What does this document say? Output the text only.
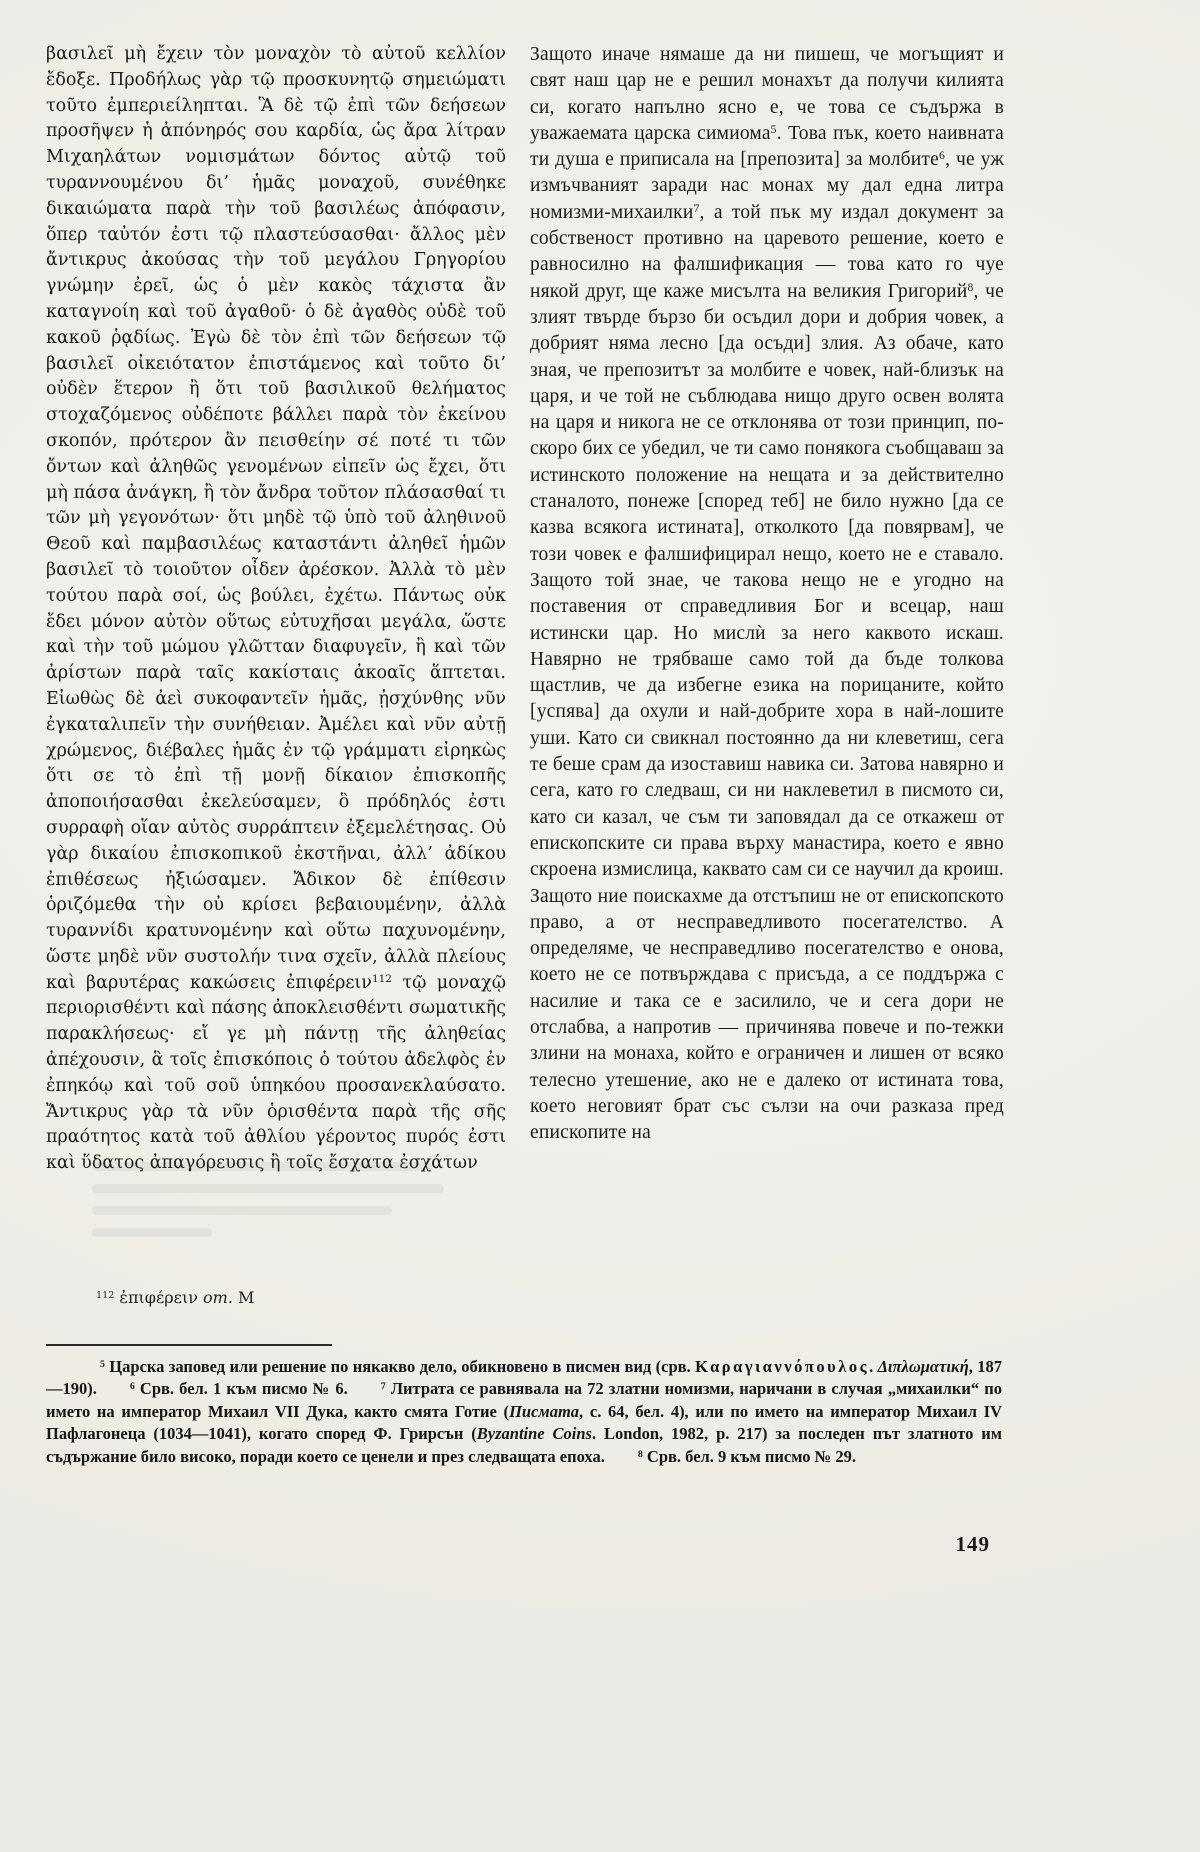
βασιλεῖ μὴ ἔχειν τὸν μοναχὸν τὸ αὐτοῦ κελλίον ἔδοξε. Προδήλως γὰρ τῷ προσκυνητῷ σημειώματι τοῦτο ἐμπεριείληπται. Ἃ δὲ τῷ ἐπὶ τῶν δεήσεων προσῆψεν ἡ ἀπόνηρός σου καρδία, ὡς ἄρα λίτραν Μιχαηλάτων νομισμάτων δόντος αὐτῷ τοῦ τυραννουμένου δι’ ἡμᾶς μοναχοῦ, συνέθηκε δικαιώματα παρὰ τὴν τοῦ βασιλέως ἀπόφασιν, ὅπερ ταὐτόν ἐστι τῷ πλαστεύσασθαι· ἄλλος μὲν ἄντικρυς ἀκούσας τὴν τοῦ μεγάλου Γρηγορίου γνώμην ἐρεῖ, ὡς ὁ μὲν κακὸς τάχιστα ἂν καταγνοίη καὶ τοῦ ἀγαθοῦ· ὁ δὲ ἀγαθὸς οὐδὲ τοῦ κακοῦ ῥᾳδίως. Ἐγὼ δὲ τὸν ἐπὶ τῶν δεήσεων τῷ βασιλεῖ οἰκειότατον ἐπιστάμενος καὶ τοῦτο δι’ οὐδὲν ἕτερον ἢ ὅτι τοῦ βασιλικοῦ θελήματος στοχαζόμενος οὐδέποτε βάλλει παρὰ τὸν ἐκείνου σκοπόν, πρότερον ἂν πεισθείην σέ ποτέ τι τῶν ὄντων καὶ ἀληθῶς γενομένων εἰπεῖν ὡς ἔχει, ὅτι μὴ πάσα ἀνάγκη, ἢ τὸν ἄνδρα τοῦτον πλάσασθαί τι τῶν μὴ γεγονότων· ὅτι μηδὲ τῷ ὑπὸ τοῦ ἀληθινοῦ Θεοῦ καὶ παμβασιλέως καταστάντι ἀληθεῖ ἡμῶν βασιλεῖ τὸ τοιοῦτον οἶδεν ἀρέσκον. Ἀλλὰ τὸ μὲν τούτου παρὰ σοί, ὡς βούλει, ἐχέτω. Πάντως οὐκ ἔδει μόνον αὐτὸν οὕτως εὐτυχῆσαι μεγάλα, ὥστε καὶ τὴν τοῦ μώμου γλῶτταν διαφυγεῖν, ἢ καὶ τῶν ἀρίστων παρὰ ταῖς κακίσταις ἀκοαῖς ἅπτεται. Εἰωθὼς δὲ ἀεὶ συκοφαντεῖν ἡμᾶς, ᾐσχύνθης νῦν ἐγκαταλιπεῖν τὴν συνήθειαν. Ἀμέλει καὶ νῦν αὐτῇ χρώμενος, διέβαλες ἡμᾶς ἐν τῷ γράμματι εἰρηκὼς ὅτι σε τὸ ἐπὶ τῇ μονῇ δίκαιον ἐπισκοπῆς ἀποποιήσασθαι ἐκελεύσαμεν, ὃ πρόδηλός ἐστι συρραφὴ οἵαν αὐτὸς συρράπτειν ἐξεμελέτησας. Οὐ γὰρ δικαίου ἐπισκοπικοῦ ἐκστῆναι, ἀλλ’ ἀδίκου ἐπιθέσεως ἠξιώσαμεν. Ἄδικον δὲ ἐπίθεσιν ὁριζόμεθα τὴν οὐ κρίσει βεβαιουμένην, ἀλλὰ τυραννίδι κρατυνομένην καὶ οὕτω παχυνομένην, ὥστε μηδὲ νῦν συστολήν τινα σχεῖν, ἀλλὰ πλείους καὶ βαρυτέρας κακώσεις ἐπιφέρειν$^{112}$ τῷ μοναχῷ περιορισθέντι καὶ πάσης ἀποκλεισθέντι σωματικῆς παρακλήσεως· εἴ γε μὴ πάντῃ τῆς ἀληθείας ἀπέχουσιν, ἃ τοῖς ἐπισκόποις ὁ τούτου ἀδελφὸς ἐν ἐπηκόῳ καὶ τοῦ σοῦ ὑπηκόου προσανεκλαύσατο. Ἄντικρυς γὰρ τὰ νῦν ὁρισθέντα παρὰ τῆς σῆς πραότητος κατὰ τοῦ ἀθλίου γέροντος πυρός ἐστι καὶ ὕδατος ἀπαγόρευσις ἢ τοῖς ἔσχατα ἐσχάτων
Защото иначе нямаше да ни пишеш, че могъщият и свят наш цар не е решил монахът да получи килията си, когато напълно ясно е, че това се съдържа в уважаемата царска симиома$^5$. Това пък, което наивната ти душа е приписала на [препозита] за молбите$^6$, че уж измъчваният заради нас монах му дал една литра номизми-михаилки$^7$, а той пък му издал документ за собственост противно на царевото решение, което е равносилно на фалшификация — това като го чуе някой друг, ще каже мисълта на великия Григорий$^8$, че злият твърде бързо би осъдил дори и добрия човек, а добрият няма лесно [да осъди] злия. Аз обаче, като зная, че препозитът за молбите е човек, най-близък на царя, и че той не съблюдава нищо друго освен волята на царя и никога не се отклонява от този принцип, по-скоро бих се убедил, че ти само понякога съобщаваш за истинското положение на нещата и за действително станалото, понеже [според теб] не било нужно [да се казва всякога истината], отколкото [да повярвам], че този човек е фалшифицирал нещо, което не е ставало. Защото той знае, че такова нещо не е угодно на поставения от справедливия Бог и всецар, наш истински цар. Но мислѝ за него каквото искаш. Навярно не трябваше само той да бъде толкова щастлив, че да избегне езика на порицаните, който [успява] да охули и най-добрите хора в най-лошите уши. Като си свикнал постоянно да ни клеветиш, сега те беше срам да изоставиш навика си. Затова навярно и сега, като го следваш, си ни наклеветил в писмото си, като си казал, че съм ти заповядал да се откажеш от епископските си права върху манастира, което е явно скроена измислица, каквато сам си се научил да кроиш. Защото ние поискахме да отстъпиш не от епископското право, а от несправедливото посегателство. А определяме, че несправедливо посегателство е онова, което не се потвърждава с присъда, а се поддържа с насилие и така се е засилило, че и сега дори не отслабва, а напротив — причинява повече и по-тежки злини на монаха, който е ограничен и лишен от всяко телесно утешение, ако не е далеко от истината това, което неговият брат със сълзи на очи разказа пред епископите на
$^{112}$ ἐπιφέρειν om. M
$^5$ Царска заповед или решение по някакво дело, обикновено в писмен вид (срв. Καραγιαννόπουλος. Διπλωματική, 187—190).  $^6$ Срв. бел. 1 към писмо № 6.  $^7$ Литрата се равнявала на 72 златни номизми, наричани в случая „михаилки“ по името на император Михаил VII Дука, както смята Готие (Писмата, с. 64, бел. 4), или по името на император Михаил IV Пафлагонеца (1034—1041), когато според Ф. Грирсън (Byzantine Coins. London, 1982, p. 217) за последен път златното им съдържание било високо, поради което се ценели и през следващата епоха.  $^8$ Срв. бел. 9 към писмо № 29.
149
